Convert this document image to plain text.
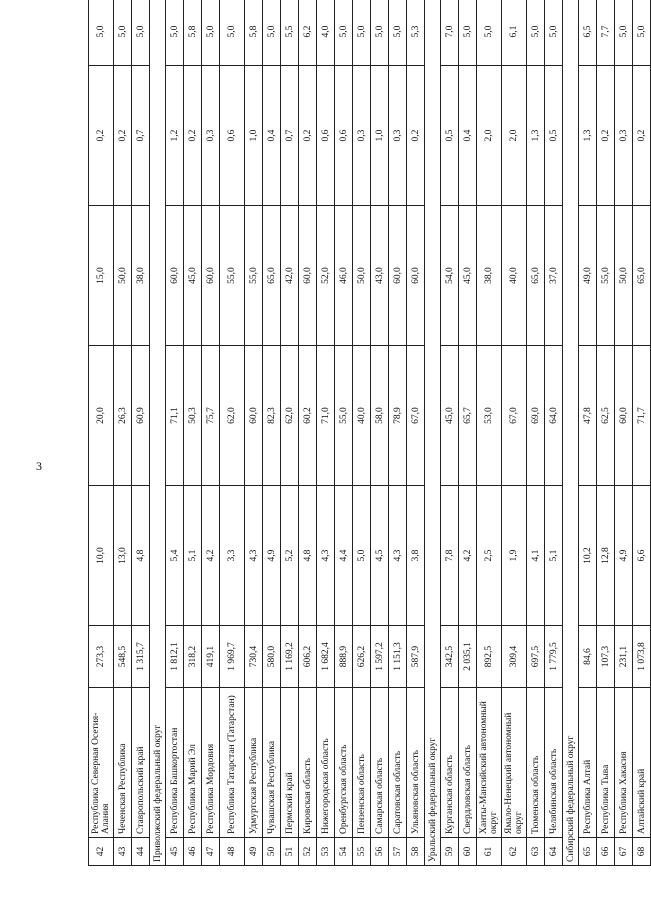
3
42	Республика Северная Осетия-Алания	273,3	10,0	20,0	15,0	0,2	5,0
43	Чеченская Республика	548,5	13,0	26,3	50,0	0,2	5,0
44	Ставропольский край	1 315,7	4,8	60,9	38,0	0,7	5,0
Приволжский федеральный округ							
45	Республика Башкортостан	1 812,1	5,4	71,1	60,0	1,2	5,0
46	Республика Марий Эл	318,2	5,1	50,3	45,0	0,2	5,8
47	Республика Мордовия	419,1	4,2	75,7	60,0	0,3	5,0
48	Республика Татарстан (Татарстан)	1 969,7	3,3	62,0	55,0	0,6	5,0
49	Удмуртская Республика	730,4	4,3	60,0	55,0	1,0	5,8
50	Чувашская Республика	580,0	4,9	82,3	65,0	0,4	5,0
51	Пермский край	1 169,2	5,2	62,0	42,0	0,7	5,5
52	Кировская область	606,2	4,8	60,2	60,0	0,2	6,2
53	Нижегородская область	1 682,4	4,3	71,0	52,0	0,6	4,0
54	Оренбургская область	888,9	4,4	55,0	46,0	0,6	5,0
55	Пензенская область	626,2	5,0	40,0	50,0	0,3	5,0
56	Самарская область	1 597,2	4,5	58,0	43,0	1,0	5,0
57	Саратовская область	1 151,3	4,3	78,9	60,0	0,3	5,0
58	Ульяновская область	587,9	3,8	67,0	60,0	0,2	5,3
Уральский федеральный округ							
59	Курганская область	342,5	7,8	45,0	54,0	0,5	7,0
60	Свердловская область	2 035,1	4,2	65,7	45,0	0,4	5,0
61	Ханты-Мансийский автономный округ	892,5	2,5	53,0	38,0	2,0	5,0
62	Ямало-Ненецкий автономный округ	309,4	1,9	67,0	40,0	2,0	6,1
63	Тюменская область	697,5	4,1	69,0	65,0	1,3	5,0
64	Челябинская область	1 779,5	5,1	64,0	37,0	0,5	5,0
Сибирский федеральный округ							
65	Республика Алтай	84,6	10,2	47,8	49,0	1,3	6,5
66	Республика Тыва	107,3	12,8	62,5	55,0	0,2	7,7
67	Республика Хакасия	231,1	4,9	60,0	50,0	0,3	5,0
68	Алтайский край	1 073,8	6,6	71,7	65,0	0,2	5,0
